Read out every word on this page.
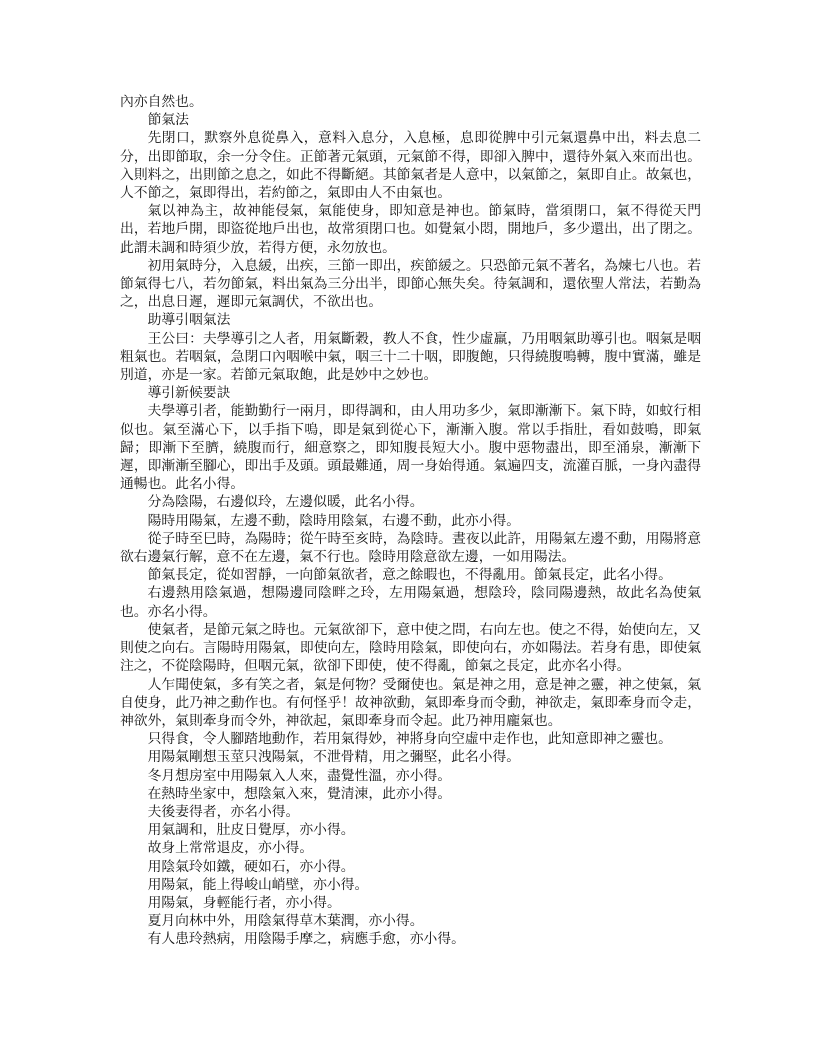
內亦自然也。

節氣法

先閉口，默察外息從鼻入，意料入息分，入息極，息即從脾中引元氣還鼻中出，料去息二分，出即節取，余一分令住。正節著元氣頭，元氣節不得，即卻入脾中，還待外氣入來而出也。入則料之，出則節之息之，如此不得斷絕。其節氣者是人意中，以氣節之，氣即自止。故氣也，人不節之，氣即得出，若約節之，氣即由人不由氣也。

氣以神為主，故神能侵氣，氣能使身，即知意是神也。節氣時，當須閉口，氣不得從天門出，若地戶開，即盜從地戶出也，故常須閉口也。如覺氣小悶，開地戶，多少還出，出了閉之。此謂未調和時須少放，若得方便，永勿放也。

初用氣時分，入息緩，出疾，三節一即出，疾節緩之。只恐節元氣不著名，為煉七八也。若節氣得七八，若勿節氣，料出氣為三分出半，即節心無失矣。待氣調和，還依聖人常法，若勤為之，出息日遲，遲即元氣調伏，不欲出也。

助導引咽氣法

王公曰：夫學導引之人者，用氣斷穀，教人不食，性少虛羸，乃用咽氣助導引也。咽氣是咽粗氣也。若咽氣，急閉口內咽喉中氣，咽三十二十咽，即腹飽，只得繞腹鳴轉，腹中實滿，雖是別道，亦是一家。若節元氣取飽，此是妙中之妙也。

導引新候要訣

夫學導引者，能勤勤行一兩月，即得調和，由人用功多少，氣即漸漸下。氣下時，如蚊行相似也。氣至滿心下，以手指下嗚，即是氣到從心下，漸漸入腹。常以手指肚，看如鼓鳴，即氣歸；即漸下至臍，繞腹而行，細意察之，即知腹長短大小。腹中惡物盡出，即至涌泉，漸漸下遲，即漸漸至腳心，即出手及頭。頭最難通，周一身始得通。氣遍四支，流灌百脈，一身內盡得通暢也。此名小得。

分為陰陽，右邊似玲，左邊似暖，此名小得。

陽時用陽氣，左邊不動，陰時用陰氣，右邊不動，此亦小得。

從子時至巳時，為陽時；從午時至亥時，為陰時。晝夜以此許，用陽氣左邊不動，用陽將意欲右邊氣行解，意不在左邊，氣不行也。陰時用陰意欲左邊，一如用陽法。

節氣長定，從如習靜，一向節氣欲者，意之餘暇也，不得亂用。節氣長定，此名小得。

右邊熱用陰氣過，想陽邊同陰畔之玲，左用陽氣過，想陰玲，陰同陽邊熱，故此名為使氣也。亦名小得。

使氣者，是節元氣之時也。元氣欲卻下，意中使之問，右向左也。使之不得，始使向左，又則使之向右。言陽時用陽氣，即使向左，陰時用陰氣，即使向右，亦如陽法。若身有患，即使氣注之，不從陰陽時，但咽元氣，欲卻下即使，使不得亂，節氣之長定，此亦名小得。

人乍聞使氣，多有笑之者，氣是何物？受爾使也。氣是神之用，意是神之靈，神之使氣，氣自使身，此乃神之動作也。有何怪乎！故神欲動，氣即牽身而令動，神欲走，氣即牽身而令走，神欲外，氣則牽身而令外，神欲起，氣即牽身而令起。此乃神用龐氣也。

只得食，令人腳踏地動作，若用氣得妙，神將身向空虛中走作也，此知意即神之靈也。

用陽氣剛想玉莖只洩陽氣，不泄骨精，用之彌堅，此名小得。

冬月想房室中用陽氣入人來，盡覺性溫，亦小得。

在熱時坐家中，想陰氣入來，覺清涷，此亦小得。

夫後妻得者，亦名小得。

用氣調和，肚皮日覺厚，亦小得。

故身上常常退皮，亦小得。

用陰氣玲如鐵，硬如石，亦小得。

用陽氣，能上得峻山峭壁，亦小得。

用陽氣，身輕能行者，亦小得。

夏月向林中外，用陰氣得草木葉潤，亦小得。

有人患玲熱病，用陰陽手摩之，病應手愈，亦小得。
